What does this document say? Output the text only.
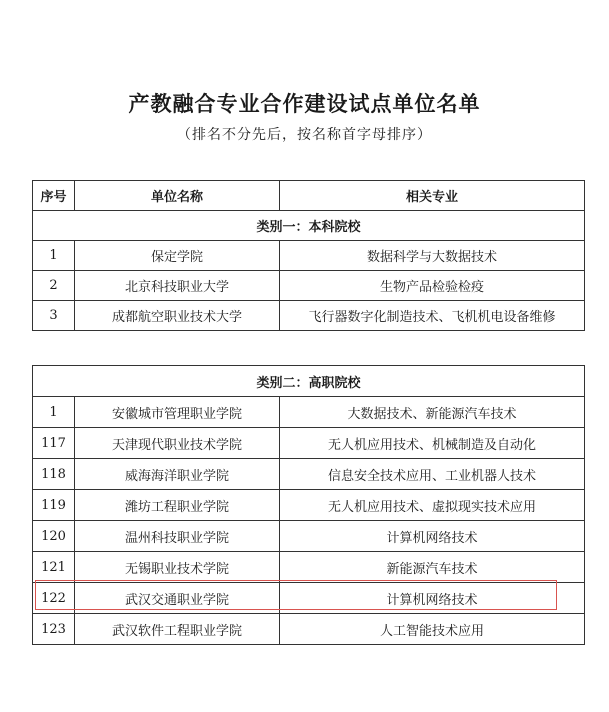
产教融合专业合作建设试点单位名单
（排名不分先后，按名称首字母排序）
序号	单位名称	相关专业
类别一：本科院校		
1	保定学院	数据科学与大数据技术
2	北京科技职业大学	生物产品检验检疫
3	成都航空职业技术大学	飞行器数字化制造技术、飞机机电设备维修
类别二：高职院校		
1	安徽城市管理职业学院	大数据技术、新能源汽车技术
117	天津现代职业技术学院	无人机应用技术、机械制造及自动化
118	威海海洋职业学院	信息安全技术应用、工业机器人技术
119	潍坊工程职业学院	无人机应用技术、虚拟现实技术应用
120	温州科技职业学院	计算机网络技术
121	无锡职业技术学院	新能源汽车技术
122	武汉交通职业学院	计算机网络技术
123	武汉软件工程职业学院	人工智能技术应用
